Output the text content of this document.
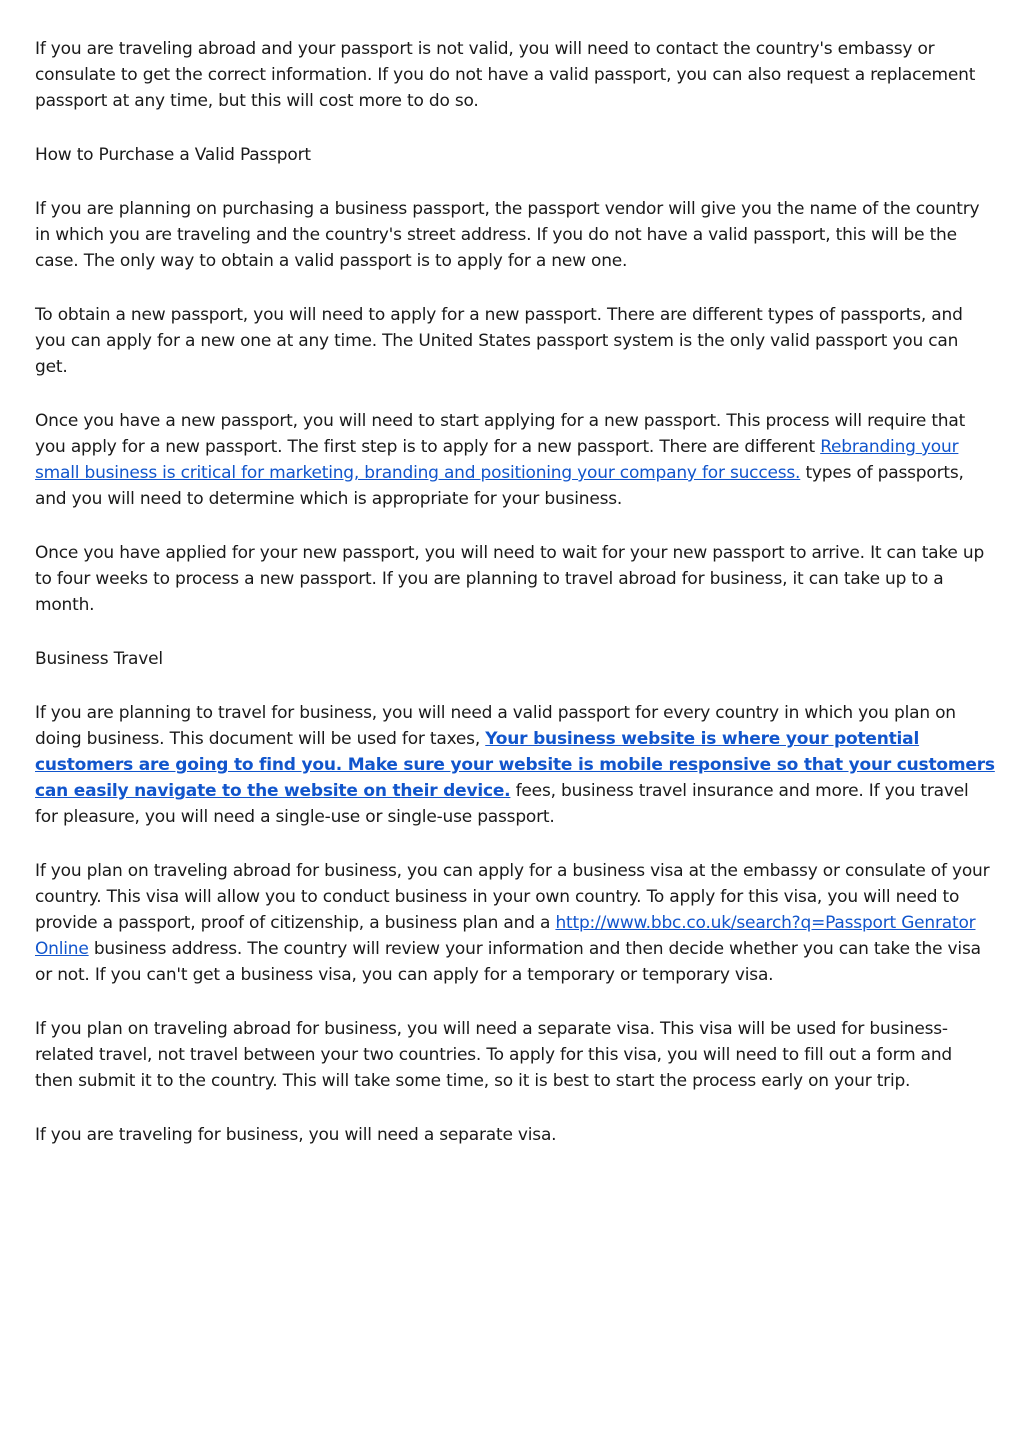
If you are traveling abroad and your passport is not valid, you will need to contact the country's embassy or consulate to get the correct information. If you do not have a valid passport, you can also request a replacement passport at any time, but this will cost more to do so.

How to Purchase a Valid Passport

If you are planning on purchasing a business passport, the passport vendor will give you the name of the country in which you are traveling and the country's street address. If you do not have a valid passport, this will be the case. The only way to obtain a valid passport is to apply for a new one.

To obtain a new passport, you will need to apply for a new passport. There are different types of passports, and you can apply for a new one at any time. The United States passport system is the only valid passport you can get.

Once you have a new passport, you will need to start applying for a new passport. This process will require that you apply for a new passport. The first step is to apply for a new passport. There are different Rebranding your small business is critical for marketing, branding and positioning your company for success. types of passports, and you will need to determine which is appropriate for your business.

Once you have applied for your new passport, you will need to wait for your new passport to arrive. It can take up to four weeks to process a new passport. If you are planning to travel abroad for business, it can take up to a month.

Business Travel

If you are planning to travel for business, you will need a valid passport for every country in which you plan on doing business. This document will be used for taxes, Your business website is where your potential customers are going to find you. Make sure your website is mobile responsive so that your customers can easily navigate to the website on their device. fees, business travel insurance and more. If you travel for pleasure, you will need a single-use or single-use passport.

If you plan on traveling abroad for business, you can apply for a business visa at the embassy or consulate of your country. This visa will allow you to conduct business in your own country. To apply for this visa, you will need to provide a passport, proof of citizenship, a business plan and a http://www.bbc.co.uk/search?q=Passport Genrator Online business address. The country will review your information and then decide whether you can take the visa or not. If you can't get a business visa, you can apply for a temporary or temporary visa.

If you plan on traveling abroad for business, you will need a separate visa. This visa will be used for business-related travel, not travel between your two countries. To apply for this visa, you will need to fill out a form and then submit it to the country. This will take some time, so it is best to start the process early on your trip.

If you are traveling for business, you will need a separate visa.
